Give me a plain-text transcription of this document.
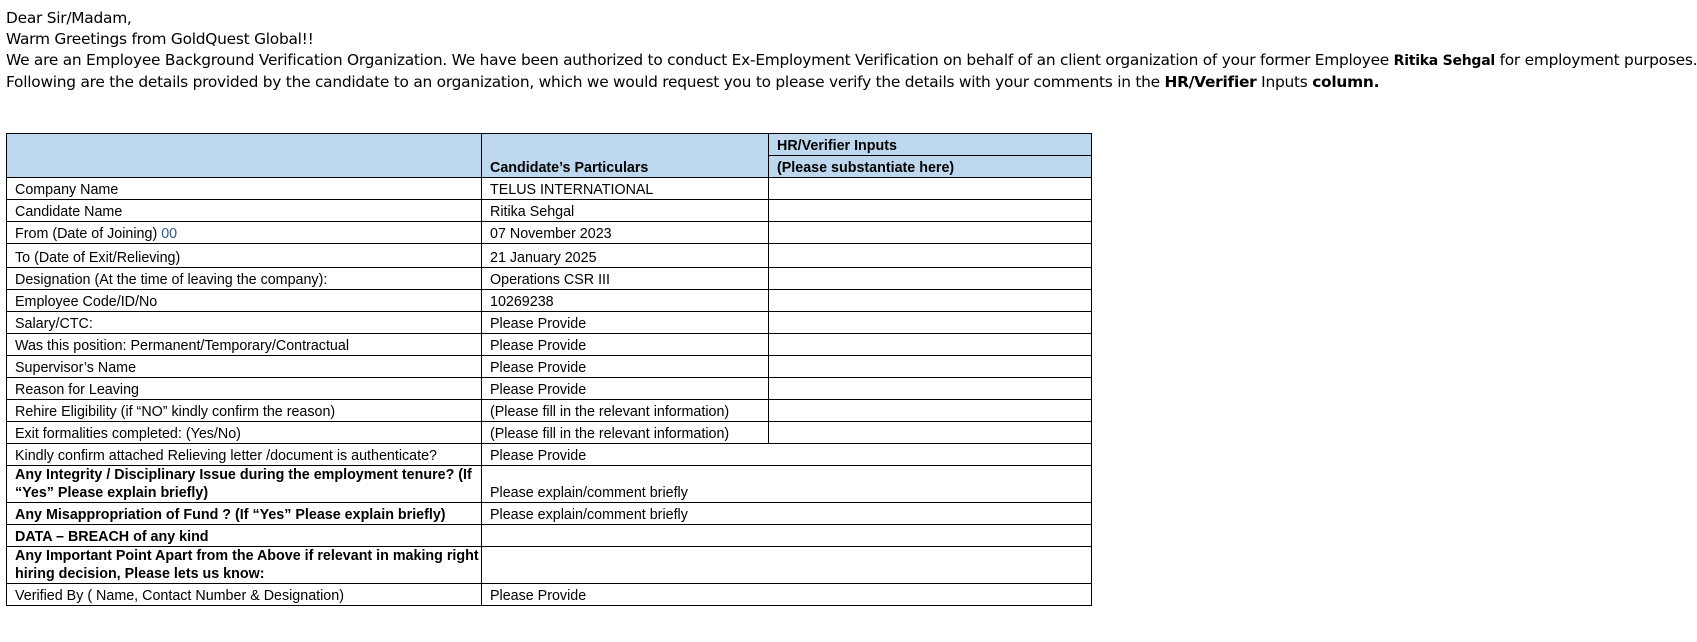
Dear Sir/Madam,
Warm Greetings from GoldQuest Global!!
We are an Employee Background Verification Organization. We have been authorized to conduct Ex-Employment Verification on behalf of an client organization of your former Employee Ritika Sehgal for employment purposes.
Following are the details provided by the candidate to an organization, which we would request you to please verify the details with your comments in the HR/Verifier Inputs column.
	Candidate’s Particulars	HR/Verifier Inputs
		(Please substantiate here)
Company Name	TELUS INTERNATIONAL	
Candidate Name	Ritika Sehgal	
From (Date of Joining) 00	07 November 2023	
To (Date of Exit/Relieving)	21 January 2025	
Designation (At the time of leaving the company):	Operations CSR III	
Employee Code/ID/No	10269238	
Salary/CTC:	Please Provide	
Was this position: Permanent/Temporary/Contractual	Please Provide	
Supervisor’s Name	Please Provide	
Reason for Leaving	Please Provide	
Rehire Eligibility (if “NO” kindly confirm the reason)	(Please fill in the relevant information)	
Exit formalities completed: (Yes/No)	(Please fill in the relevant information)	
Kindly confirm attached Relieving letter /document is authenticate?	Please Provide	
Any Integrity / Disciplinary Issue during the employment tenure? (If “Yes” Please explain briefly)	Please explain/comment briefly	
Any Misappropriation of Fund ? (If “Yes” Please explain briefly)	Please explain/comment briefly	
DATA – BREACH of any kind		
Any Important Point Apart from the Above if relevant in making right hiring decision, Please lets us know:		
Verified By ( Name, Contact Number & Designation)	Please Provide	
